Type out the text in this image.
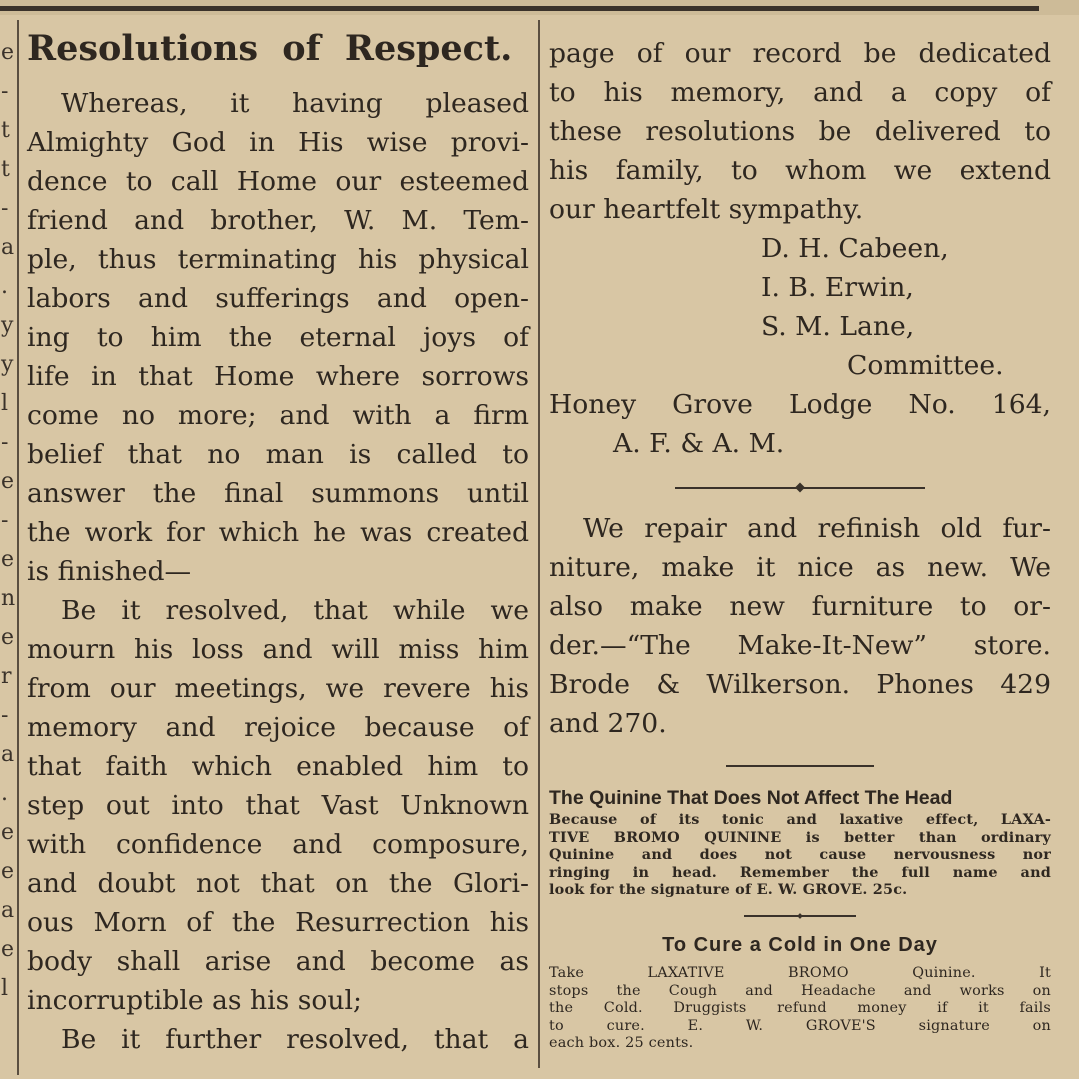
e
-
t
t
-
a
.
y
y
l
-
e
-
e
n
e
r
-
a
.
e
e
a
e
l
Resolutions of Respect.
Whereas, it having pleased
Almighty God in His wise provi-
dence to call Home our esteemed
friend and brother, W. M. Tem-
ple, thus terminating his physical
labors and sufferings and open-
ing to him the eternal joys of
life in that Home where sorrows
come no more; and with a firm
belief that no man is called to
answer the final summons until
the work for which he was created
is finished—
Be it resolved, that while we
mourn his loss and will miss him
from our meetings, we revere his
memory and rejoice because of
that faith which enabled him to
step out into that Vast Unknown
with confidence and composure,
and doubt not that on the Glori-
ous Morn of the Resurrection his
body shall arise and become as
incorruptible as his soul;
Be it further resolved, that a
page of our record be dedicated
to his memory, and a copy of
these resolutions be delivered to
his family, to whom we extend
our heartfelt sympathy.
D. H. Cabeen,
I. B. Erwin,
S. M. Lane,
Committee.
Honey Grove Lodge No. 164,
A. F. & A. M.
We repair and refinish old fur-
niture, make it nice as new. We
also make new furniture to or-
der.—“The Make-It-New” store.
Brode & Wilkerson. Phones 429
and 270.
The Quinine That Does Not Affect The Head
Because of its tonic and laxative effect, LAXA-
TIVE BROMO QUININE is better than ordinary
Quinine and does not cause nervousness nor
ringing in head. Remember the full name and
look for the signature of E. W. GROVE. 25c.
To Cure a Cold in One Day
Take LAXATIVE BROMO Quinine. It
stops the Cough and Headache and works on
the Cold. Druggists refund money if it fails
to cure. E. W. GROVE'S signature on
each box. 25 cents.
